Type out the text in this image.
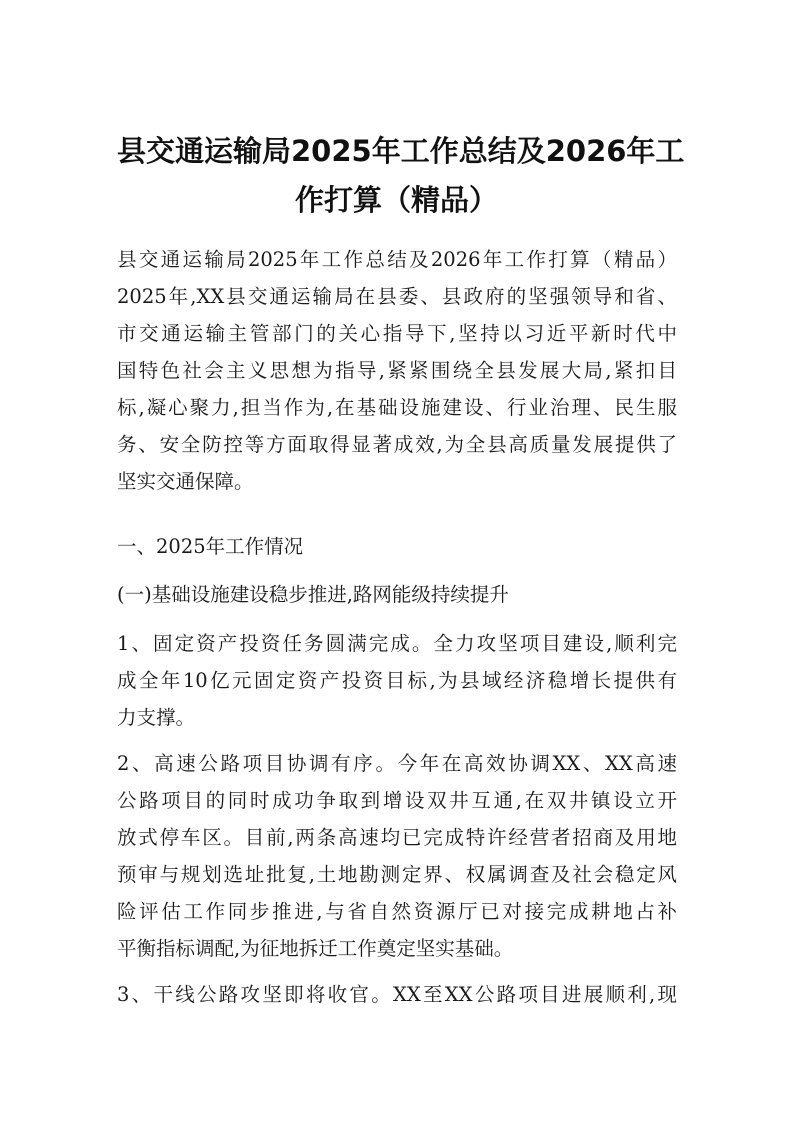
县交通运输局2025年工作总结及2026年工
作打算（精品）
县交通运输局2025年工作总结及2026年工作打算（精品）
2025年,XX县交通运输局在县委、县政府的坚强领导和省、
市交通运输主管部门的关心指导下,坚持以习近平新时代中
国特色社会主义思想为指导,紧紧围绕全县发展大局,紧扣目
标,凝心聚力,担当作为,在基础设施建设、行业治理、民生服
务、安全防控等方面取得显著成效,为全县高质量发展提供了
坚实交通保障。
一、2025年工作情况
(一)基础设施建设稳步推进,路网能级持续提升
1、固定资产投资任务圆满完成。全力攻坚项目建设,顺利完
成全年10亿元固定资产投资目标,为县域经济稳增长提供有
力支撑。
2、高速公路项目协调有序。今年在高效协调XX、XX高速
公路项目的同时成功争取到增设双井互通,在双井镇设立开
放式停车区。目前,两条高速均已完成特许经营者招商及用地
预审与规划选址批复,土地勘测定界、权属调查及社会稳定风
险评估工作同步推进,与省自然资源厅已对接完成耕地占补
平衡指标调配,为征地拆迁工作奠定坚实基础。
3、干线公路攻坚即将收官。XX至XX公路项目进展顺利,现
